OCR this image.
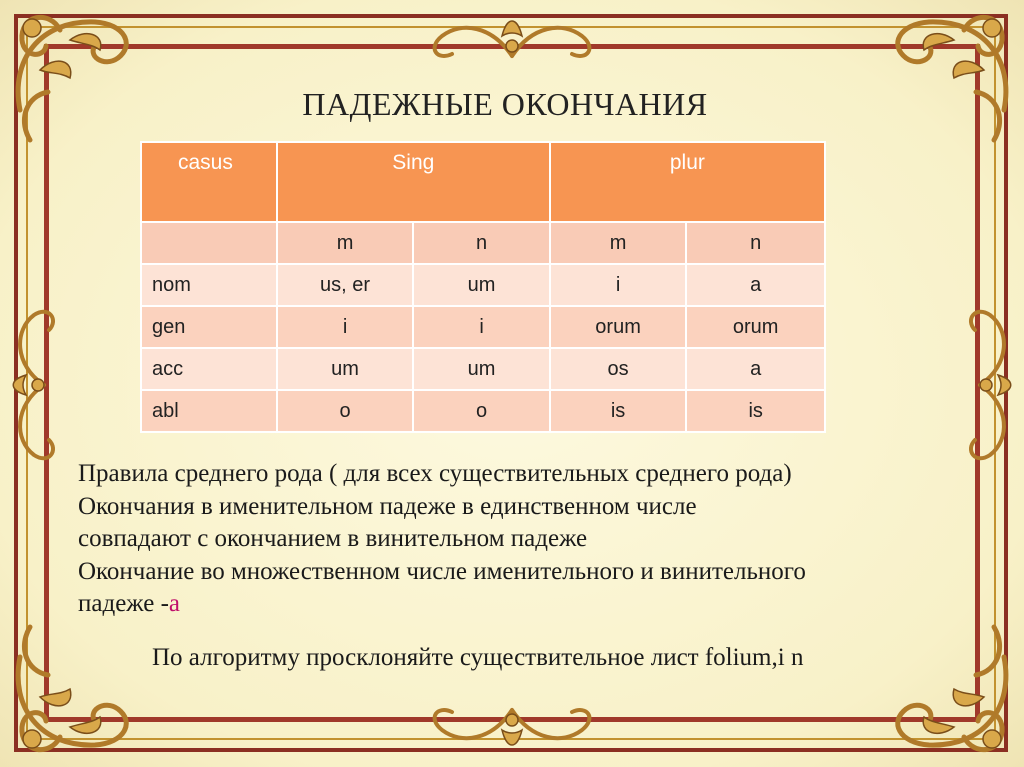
ПАДЕЖНЫЕ ОКОНЧАНИЯ
casus	Sing		plur	
	m	n	m	n
nom	us, er	um	i	a
gen	i	i	orum	orum
acc	um	um	os	a
abl	o	o	is	is
Правила среднего рода ( для всех существительных среднего рода)
Окончания в именительном падеже в единственном числе
совпадают с окончанием в винительном падеже
Окончание во множественном числе именительного и винительного
падеже -а
По алгоритму просклоняйте существительное лист folium,i n
